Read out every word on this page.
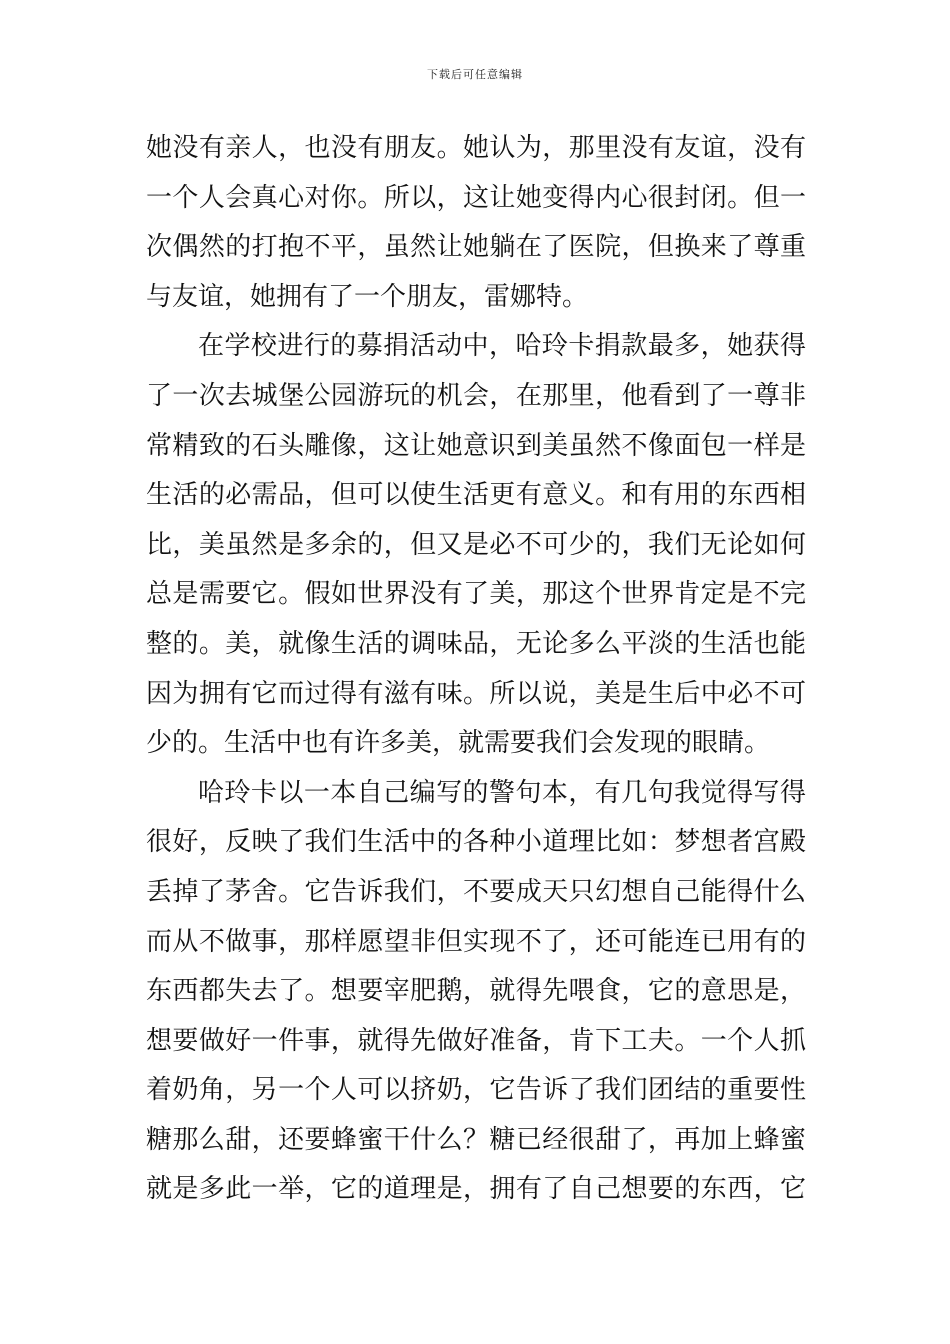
下载后可任意编辑
她没有亲人，也没有朋友。她认为，那里没有友谊，没有
一个人会真心对你。所以，这让她变得内心很封闭。但一
次偶然的打抱不平，虽然让她躺在了医院，但换来了尊重
与友谊，她拥有了一个朋友，雷娜特。
在学校进行的募捐活动中，哈玲卡捐款最多，她获得
了一次去城堡公园游玩的机会，在那里，他看到了一尊非
常精致的石头雕像，这让她意识到美虽然不像面包一样是
生活的必需品，但可以使生活更有意义。和有用的东西相
比，美虽然是多余的，但又是必不可少的，我们无论如何
总是需要它。假如世界没有了美，那这个世界肯定是不完
整的。美，就像生活的调味品，无论多么平淡的生活也能
因为拥有它而过得有滋有味。所以说，美是生后中必不可
少的。生活中也有许多美，就需要我们会发现的眼睛。
哈玲卡以一本自己编写的警句本，有几句我觉得写得
很好，反映了我们生活中的各种小道理比如：梦想者宫殿
丢掉了茅舍。它告诉我们，不要成天只幻想自己能得什么
而从不做事，那样愿望非但实现不了，还可能连已用有的
东西都失去了。想要宰肥鹅，就得先喂食，它的意思是，
想要做好一件事，就得先做好准备，肯下工夫。一个人抓
着奶角，另一个人可以挤奶，它告诉了我们团结的重要性
糖那么甜，还要蜂蜜干什么？糖已经很甜了，再加上蜂蜜
就是多此一举，它的道理是，拥有了自己想要的东西，它
